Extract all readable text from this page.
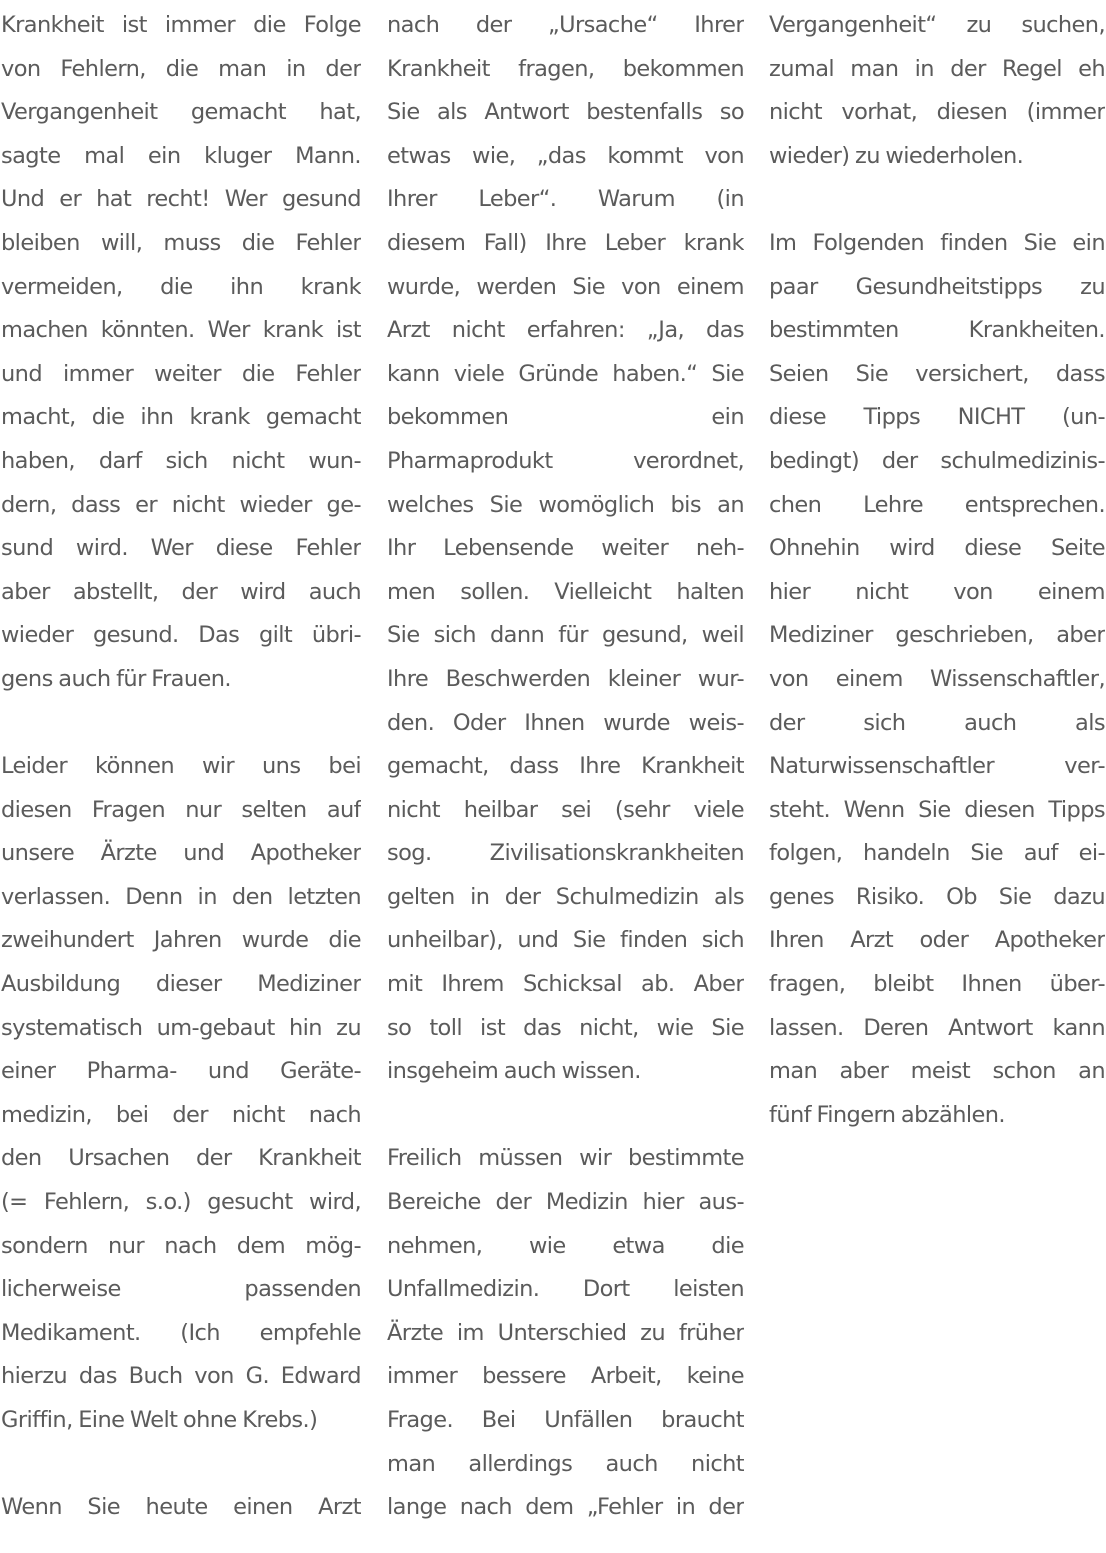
Krankheit ist immer die Folge
von Fehlern, die man in der
Vergangenheit gemacht hat,
sagte mal ein kluger Mann.
Und er hat recht! Wer gesund
bleiben will, muss die Fehler
vermeiden, die ihn krank
machen könnten. Wer krank ist
und immer weiter die Fehler
macht, die ihn krank gemacht
haben, darf sich nicht wun-
dern, dass er nicht wieder ge-
sund wird. Wer diese Fehler
aber abstellt, der wird auch
wieder gesund. Das gilt übri-
gens auch für Frauen.
Leider können wir uns bei
diesen Fragen nur selten auf
unsere Ärzte und Apotheker
verlassen. Denn in den letzten
zweihundert Jahren wurde die
Ausbildung dieser Mediziner
systematisch um-gebaut hin zu
einer Pharma- und Geräte-
medizin, bei der nicht nach
den Ursachen der Krankheit
(= Fehlern, s.o.) gesucht wird,
sondern nur nach dem mög-
licherweise passenden
Medikament. (Ich empfehle
hierzu das Buch von G. Edward
Griffin, Eine Welt ohne Krebs.)
Wenn Sie heute einen Arzt
nach der „Ursache“ Ihrer
Krankheit fragen, bekommen
Sie als Antwort bestenfalls so
etwas wie, „das kommt von
Ihrer Leber“. Warum (in
diesem Fall) Ihre Leber krank
wurde, werden Sie von einem
Arzt nicht erfahren: „Ja, das
kann viele Gründe haben.“ Sie
bekommen ein
Pharmaprodukt verordnet,
welches Sie womöglich bis an
Ihr Lebensende weiter neh-
men sollen. Vielleicht halten
Sie sich dann für gesund, weil
Ihre Beschwerden kleiner wur-
den. Oder Ihnen wurde weis-
gemacht, dass Ihre Krankheit
nicht heilbar sei (sehr viele
sog. Zivilisationskrankheiten
gelten in der Schulmedizin als
unheilbar), und Sie finden sich
mit Ihrem Schicksal ab. Aber
so toll ist das nicht, wie Sie
insgeheim auch wissen.
Freilich müssen wir bestimmte
Bereiche der Medizin hier aus-
nehmen, wie etwa die
Unfallmedizin. Dort leisten
Ärzte im Unterschied zu früher
immer bessere Arbeit, keine
Frage. Bei Unfällen braucht
man allerdings auch nicht
lange nach dem „Fehler in der
Vergangenheit“ zu suchen,
zumal man in der Regel eh
nicht vorhat, diesen (immer
wieder) zu wiederholen.
Im Folgenden finden Sie ein
paar Gesundheitstipps zu
bestimmten Krankheiten.
Seien Sie versichert, dass
diese Tipps NICHT (un-
bedingt) der schulmedizinis-
chen Lehre entsprechen.
Ohnehin wird diese Seite
hier nicht von einem
Mediziner geschrieben, aber
von einem Wissenschaftler,
der sich auch als
Naturwissenschaftler ver-
steht. Wenn Sie diesen Tipps
folgen, handeln Sie auf ei-
genes Risiko. Ob Sie dazu
Ihren Arzt oder Apotheker
fragen, bleibt Ihnen über-
lassen. Deren Antwort kann
man aber meist schon an
fünf Fingern abzählen.
